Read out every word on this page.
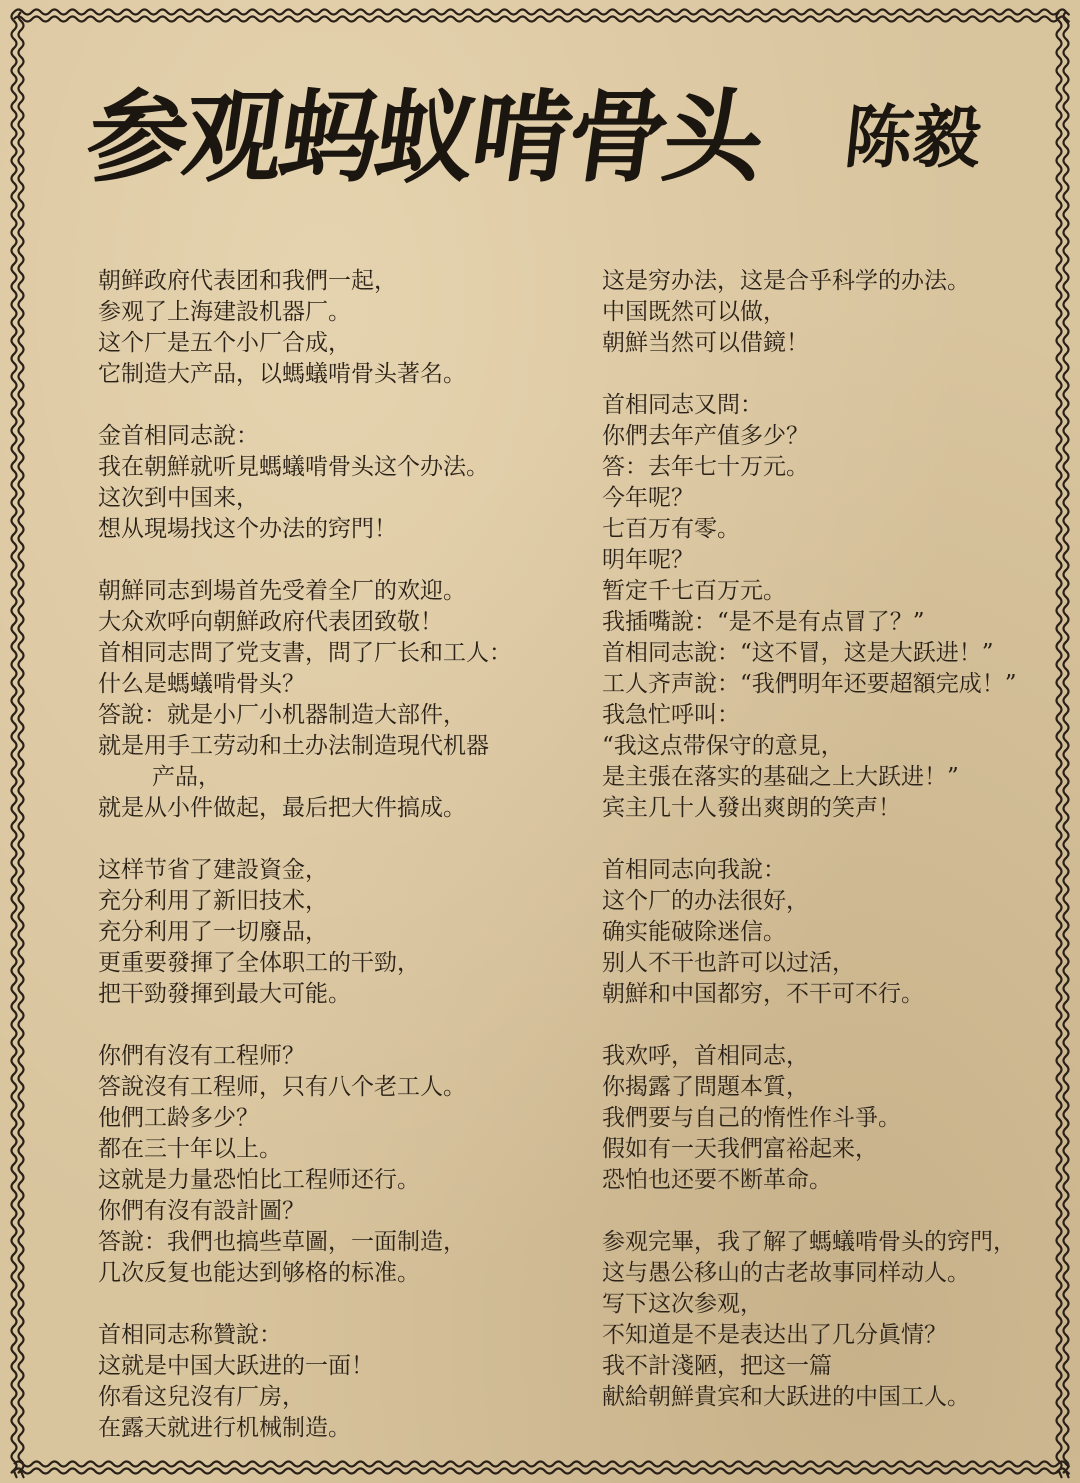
参观蚂蚁啃骨头	陈毅
朝鲜政府代表团和我們一起，
参观了上海建設机器厂。
这个厂是五个小厂合成，
它制造大产品，以螞蟻啃骨头著名。
金首相同志說：
我在朝鮮就听見螞蟻啃骨头这个办法。
这次到中国来，
想从現場找这个办法的窍門！
朝鮮同志到場首先受着全厂的欢迎。
大众欢呼向朝鮮政府代表团致敬！
首相同志問了党支書，問了厂长和工人：
什么是螞蟻啃骨头？
答說：就是小厂小机器制造大部件，
就是用手工劳动和土办法制造現代机器
产品，
就是从小件做起，最后把大件搞成。
这样节省了建設資金，
充分利用了新旧技术，
充分利用了一切廢品，
更重要發揮了全体职工的干勁，
把干勁發揮到最大可能。
你們有沒有工程师？
答說沒有工程师，只有八个老工人。
他們工龄多少？
都在三十年以上。
这就是力量恐怕比工程师还行。
你們有沒有設計圖？
答說：我們也搞些草圖，一面制造，
几次反复也能达到够格的标准。
首相同志称贊說：
这就是中国大跃进的一面！
你看这兒沒有厂房，
在露天就进行机械制造。
这是穷办法，这是合乎科学的办法。
中国既然可以做，
朝鮮当然可以借鏡！
首相同志又問：
你們去年产值多少？
答：去年七十万元。
今年呢？
七百万有零。
明年呢？
暂定千七百万元。
我插嘴說：“是不是有点冒了？”
首相同志說：“这不冒，这是大跃进！”
工人齐声說：“我們明年还要超額完成！”
我急忙呼叫：
“我这点带保守的意見，
是主張在落实的基础之上大跃进！”
宾主几十人發出爽朗的笑声！
首相同志向我說：
这个厂的办法很好，
确实能破除迷信。
别人不干也許可以过活，
朝鮮和中国都穷，不干可不行。
我欢呼，首相同志，
你揭露了問題本質，
我們要与自己的惰性作斗爭。
假如有一天我們富裕起来，
恐怕也还要不断革命。
参观完畢，我了解了螞蟻啃骨头的窍門，
这与愚公移山的古老故事同样动人。
写下这次参观，
不知道是不是表达出了几分眞情？
我不計淺陋，把这一篇
献給朝鮮貴宾和大跃进的中国工人。
